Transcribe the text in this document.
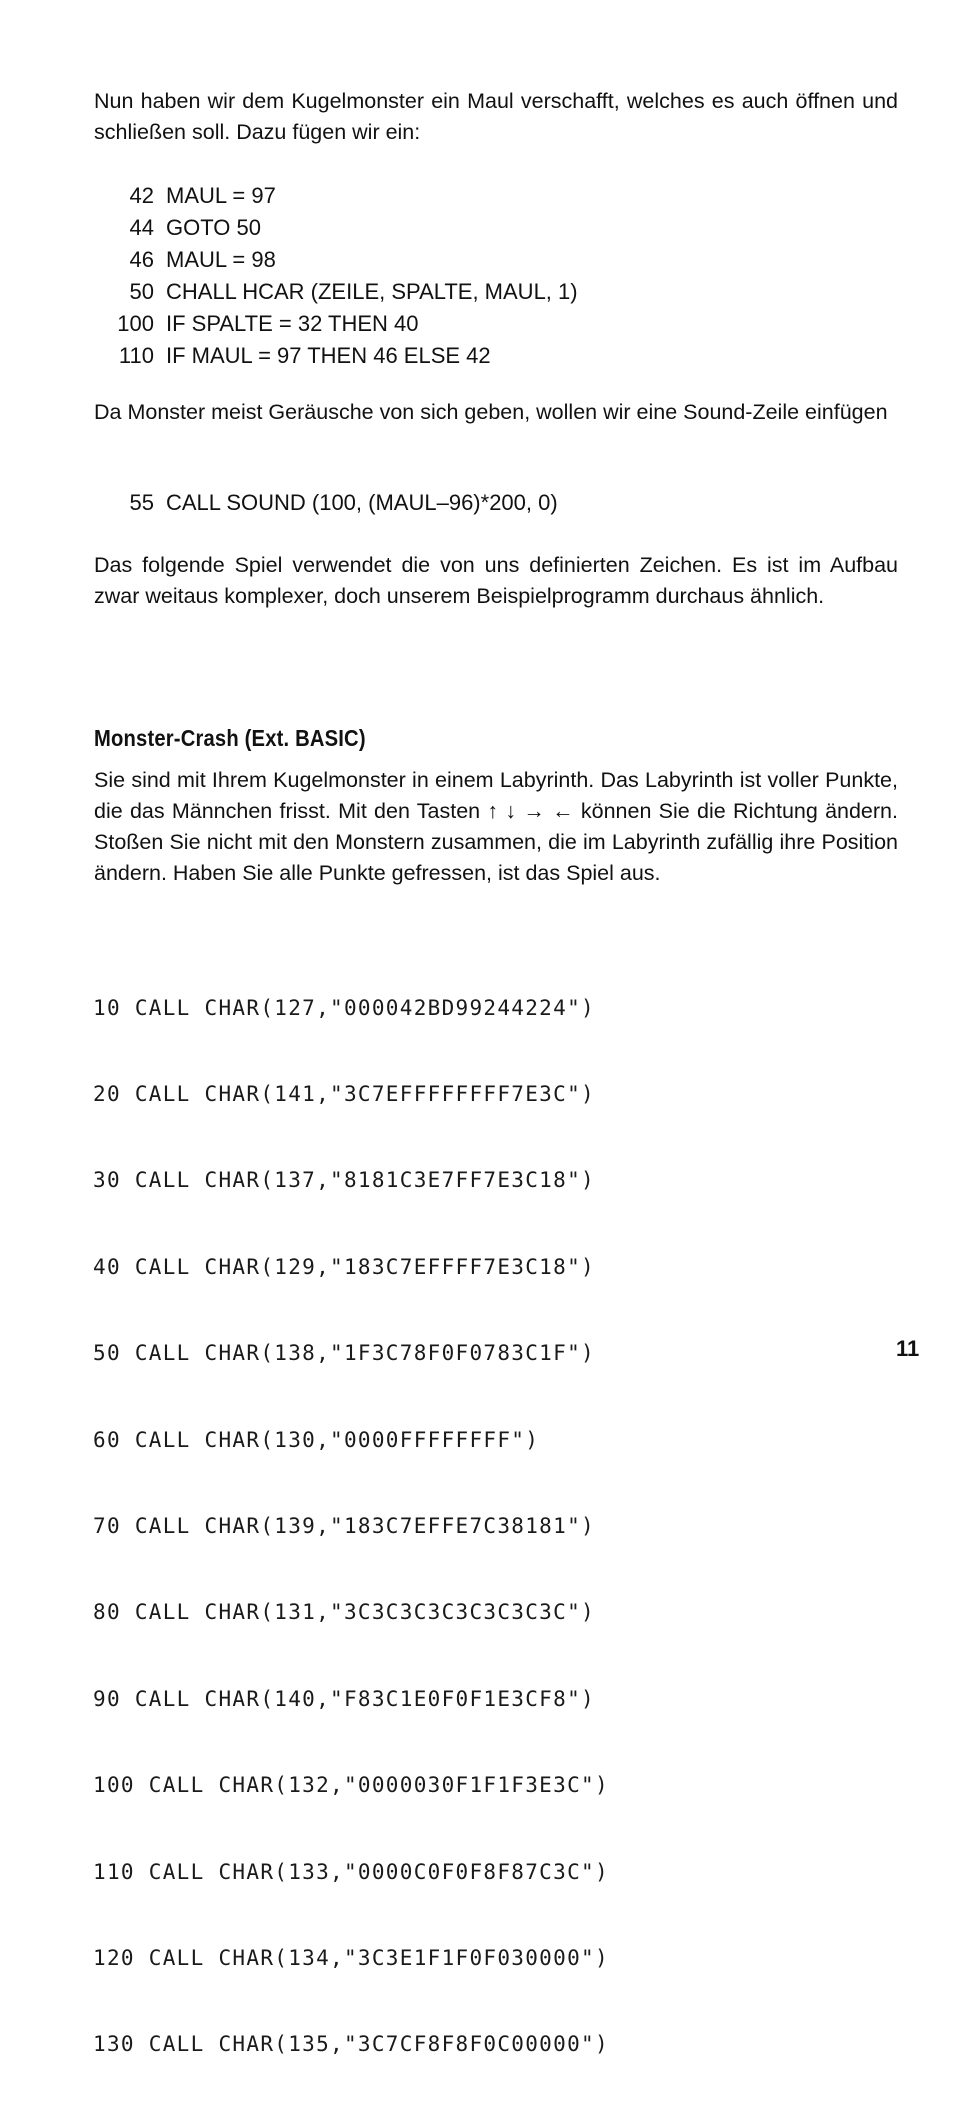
Nun haben wir dem Kugelmonster ein Maul verschafft, welches es auch öffnen und schließen soll. Dazu fügen wir ein:
42 MAUL = 97
44 GOTO 50
46 MAUL = 98
50 CHALL HCAR (ZEILE, SPALTE, MAUL, 1)
100 IF SPALTE = 32 THEN 40
110 IF MAUL = 97 THEN 46 ELSE 42
Da Monster meist Geräusche von sich geben, wollen wir eine Sound-Zeile einfügen
55 CALL SOUND (100, (MAUL–96)*200, 0)
Das folgende Spiel verwendet die von uns definierten Zeichen. Es ist im Aufbau zwar weitaus komplexer, doch unserem Beispielprogramm durchaus ähnlich.
Monster-Crash (Ext. BASIC)
Sie sind mit Ihrem Kugelmonster in einem Labyrinth. Das Labyrinth ist voller Punkte, die das Männchen frisst. Mit den Tasten ↑ ↓ → ← können Sie die Richtung ändern. Stoßen Sie nicht mit den Monstern zusammen, die im Labyrinth zufällig ihre Position ändern. Haben Sie alle Punkte gefressen, ist das Spiel aus.

10 CALL CHAR(127,"000042BD99244224")

20 CALL CHAR(141,"3C7EFFFFFFFF7E3C")

30 CALL CHAR(137,"8181C3E7FF7E3C18")

40 CALL CHAR(129,"183C7EFFFF7E3C18")

50 CALL CHAR(138,"1F3C78F0F0783C1F")

60 CALL CHAR(130,"0000FFFFFFFF")

70 CALL CHAR(139,"183C7EFFE7C38181")

80 CALL CHAR(131,"3C3C3C3C3C3C3C3C")

90 CALL CHAR(140,"F83C1E0F0F1E3CF8")

100 CALL CHAR(132,"0000030F1F1F3E3C")

110 CALL CHAR(133,"0000C0F0F8F87C3C")

120 CALL CHAR(134,"3C3E1F1F0F030000")

130 CALL CHAR(135,"3C7CF8F8F0C00000")

11
